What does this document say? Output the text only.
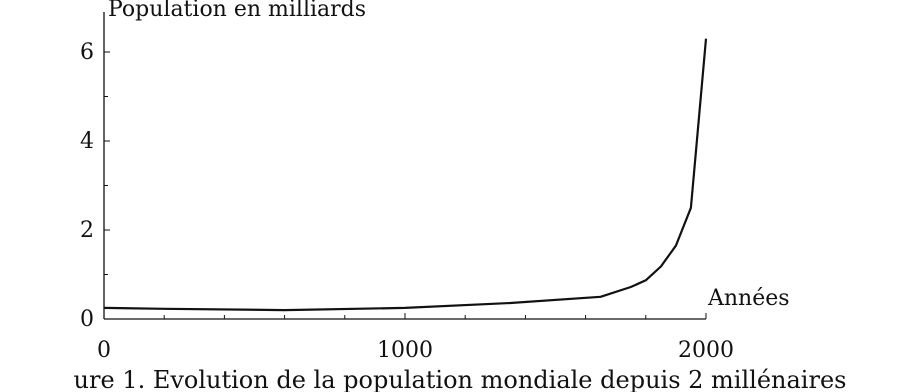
0	1000	2000
0
2
4
6
Population en milliards
Années
ure 1. Evolution de la population mondiale depuis 2 millénaires
